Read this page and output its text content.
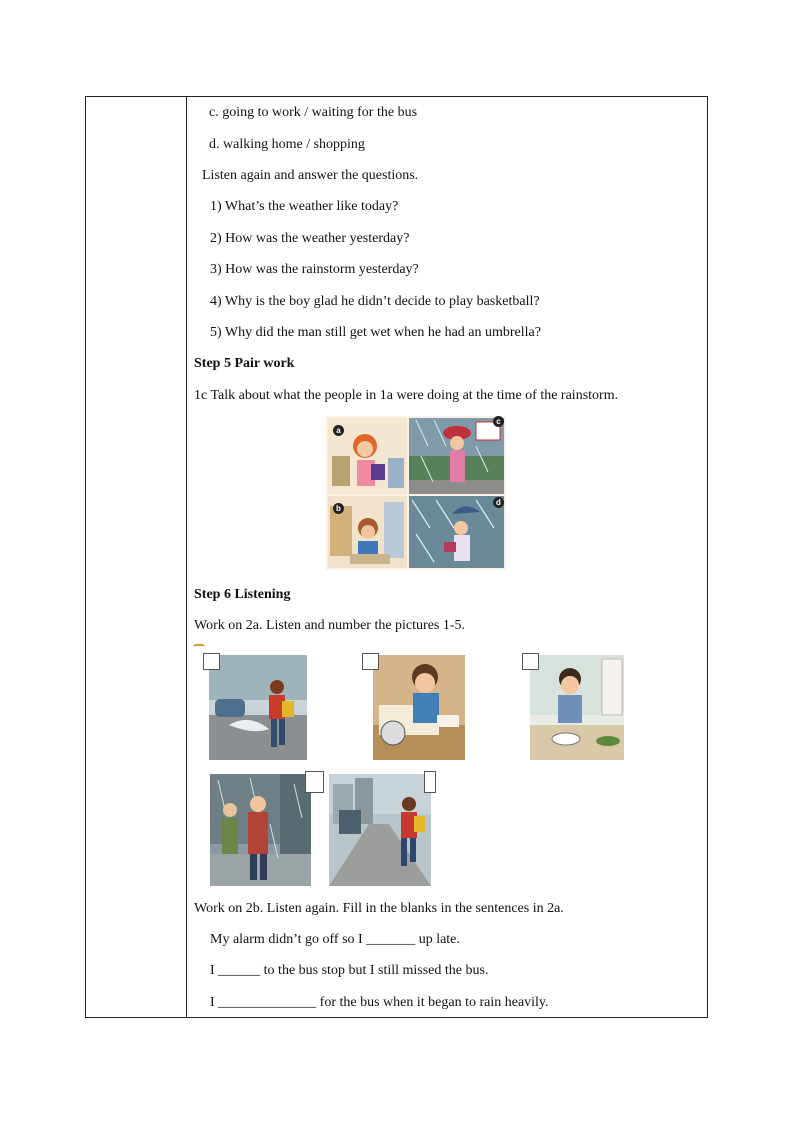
c. going to work / waiting for the bus
d. walking home / shopping
Listen again and answer the questions.
1) What’s the weather like today?
2) How was the weather yesterday?
3) How was the rainstorm yesterday?
4) Why is the boy glad he didn’t decide to play basketball?
5) Why did the man still get wet when he had an umbrella?
Step 5 Pair work
1c Talk about what the people in 1a were doing at the time of the rainstorm.
a
c
b
d
Step 6 Listening
Work on 2a. Listen and number the pictures 1-5.
Work on 2b. Listen again. Fill in the blanks in the sentences in 2a.
My alarm didn’t go off so I _______ up late.
I ______ to the bus stop but I still missed the bus.
I ______________ for the bus when it began to rain heavily.
